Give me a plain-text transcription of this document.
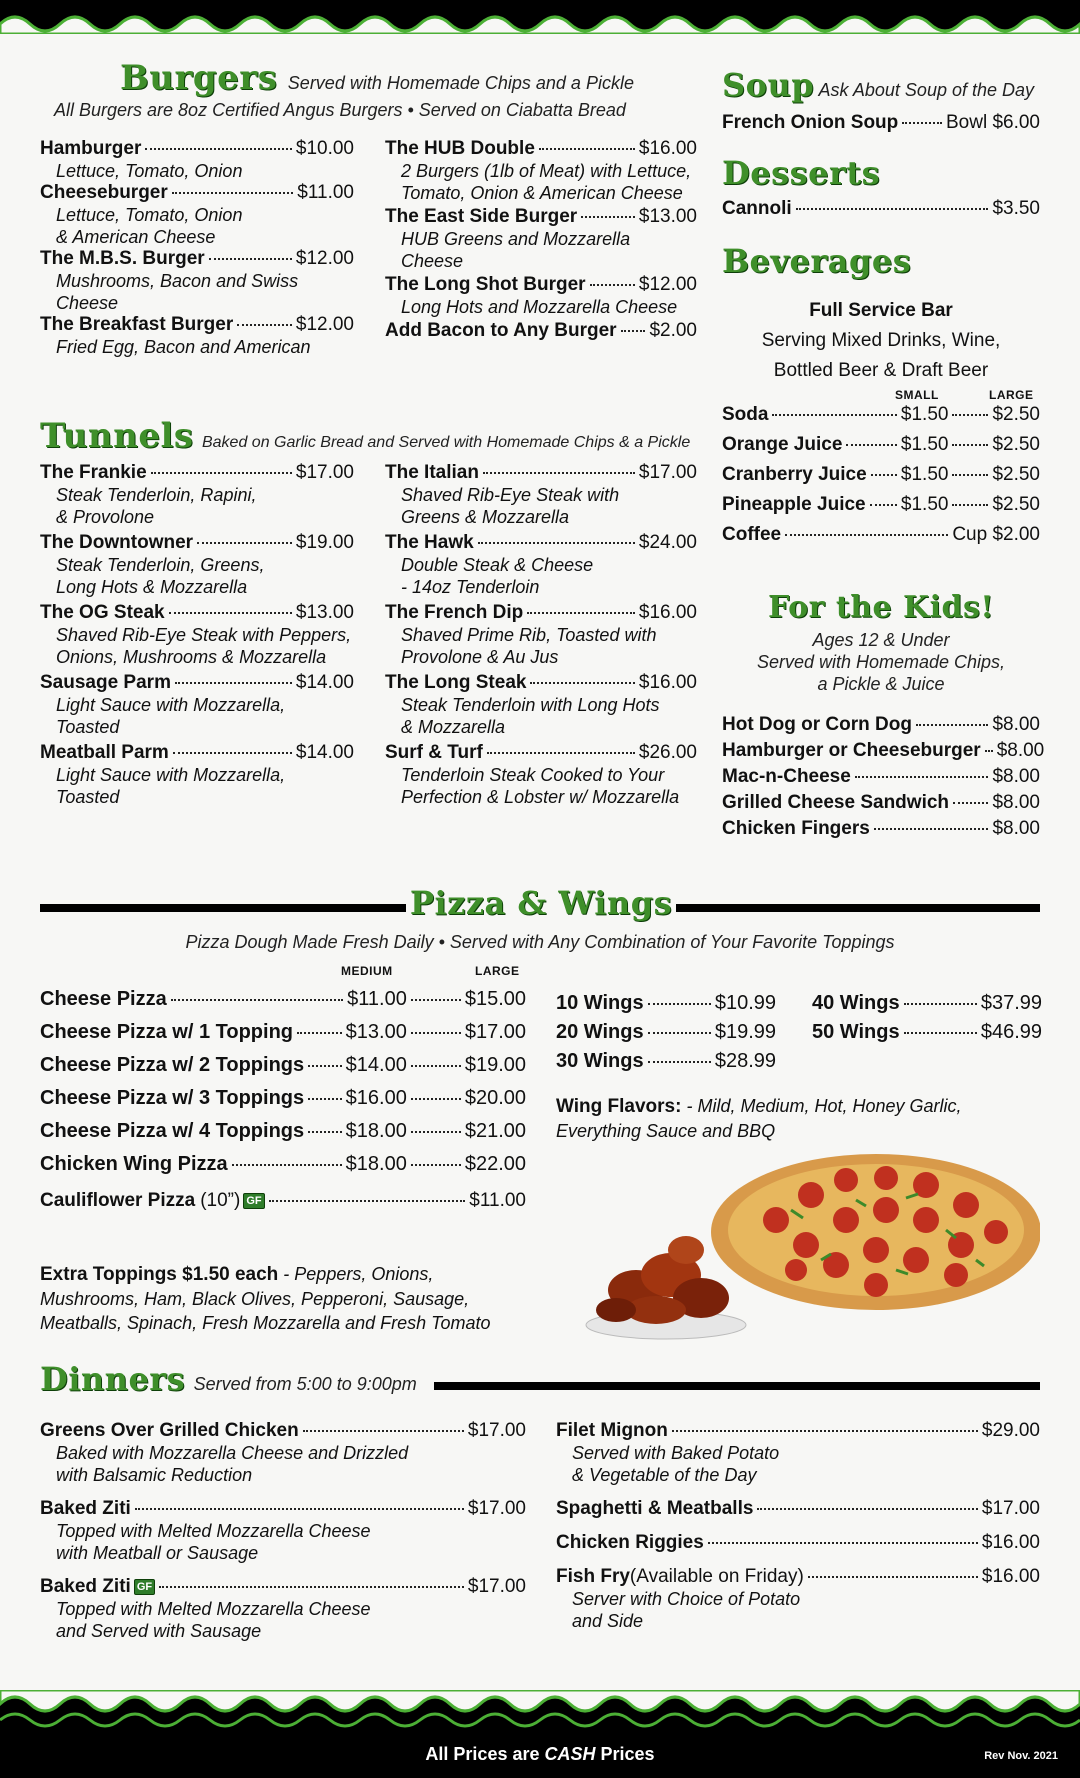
Burgers Served with Homemade Chips and a Pickle
All Burgers are 8oz Certified Angus Burgers • Served on Ciabatta Bread
Hamburger	$10.00
Lettuce, Tomato, Onion
Cheeseburger	$11.00
Lettuce, Tomato, Onion
& American Cheese
The M.B.S. Burger	$12.00
Mushrooms, Bacon and Swiss
Cheese
The Breakfast Burger	$12.00
Fried Egg, Bacon and American
The HUB Double	$16.00
2 Burgers (1lb of Meat) with Lettuce,
Tomato, Onion & American Cheese
The East Side Burger	$13.00
HUB Greens and Mozzarella
Cheese
The Long Shot Burger	$12.00
Long Hots and Mozzarella Cheese
Add Bacon to Any Burger $2.00
Tunnels Baked on Garlic Bread and Served with Homemade Chips & a Pickle
The Frankie	$17.00
Steak Tenderloin, Rapini,
& Provolone
The Downtowner	$19.00
Steak Tenderloin, Greens,
Long Hots & Mozzarella
The OG Steak	$13.00
Shaved Rib-Eye Steak with Peppers,
Onions, Mushrooms & Mozzarella
Sausage Parm	$14.00
Light Sauce with Mozzarella,
Toasted
Meatball Parm	$14.00
Light Sauce with Mozzarella,
Toasted
The Italian	$17.00
Shaved Rib-Eye Steak with
Greens & Mozzarella
The Hawk	$24.00
Double Steak & Cheese
- 14oz Tenderloin
The French Dip	$16.00
Shaved Prime Rib, Toasted with
Provolone & Au Jus
The Long Steak	$16.00
Steak Tenderloin with Long Hots
& Mozzarella
Surf & Turf	$26.00
Tenderloin Steak Cooked to Your
Perfection & Lobster w/ Mozzarella
Soup Ask About Soup of the Day
French Onion Soup	Bowl $6.00
Desserts
Cannoli	$3.50
Beverages
Full Service Bar
Serving Mixed Drinks, Wine,
Bottled Beer & Draft Beer
SMALL	LARGE
Soda	$1.50 $2.50
Orange Juice	$1.50 $2.50
Cranberry Juice $1.50 $2.50
Pineapple Juice $1.50 $2.50
Coffee	Cup $2.00
For the Kids!
Ages 12 & Under
Served with Homemade Chips,
a Pickle & Juice
Hot Dog or Corn Dog	$8.00
Hamburger or Cheeseburger $8.00
Mac-n-Cheese	$8.00
Grilled Cheese Sandwich $8.00
Chicken Fingers	$8.00
Pizza & Wings
Pizza Dough Made Fresh Daily • Served with Any Combination of Your Favorite Toppings
MEDIUM	LARGE
Cheese Pizza	$11.00	$15.00
Cheese Pizza w/ 1 Topping	$13.00	$17.00
Cheese Pizza w/ 2 Toppings $14.00	$19.00
Cheese Pizza w/ 3 Toppings $16.00	$20.00
Cheese Pizza w/ 4 Toppings $18.00	$21.00
Chicken Wing Pizza	$18.00	$22.00
Cauliflower Pizza (10”) GF	$11.00
Extra Toppings $1.50 each - Peppers, Onions, Mushrooms, Ham, Black Olives, Pepperoni, Sausage, Meatballs, Spinach, Fresh Mozzarella and Fresh Tomato
10 Wings	$10.99 40 Wings	$37.99
20 Wings	$19.99 50 Wings	$46.99
30 Wings	$28.99
Wing Flavors: - Mild, Medium, Hot, Honey Garlic, Everything Sauce and BBQ
Dinners Served from 5:00 to 9:00pm
Greens Over Grilled Chicken	$17.00
Baked with Mozzarella Cheese and Drizzled
with Balsamic Reduction
Baked Ziti	$17.00
Topped with Melted Mozzarella Cheese
with Meatball or Sausage
Baked Ziti GF	$17.00
Topped with Melted Mozzarella Cheese
and Served with Sausage
Filet Mignon	$29.00
Served with Baked Potato
& Vegetable of the Day
Spaghetti & Meatballs	$17.00
Chicken Riggies	$16.00
Fish Fry (Available on Friday)	$16.00
Server with Choice of Potato
and Side
All Prices are CASH Prices	Rev Nov. 2021
